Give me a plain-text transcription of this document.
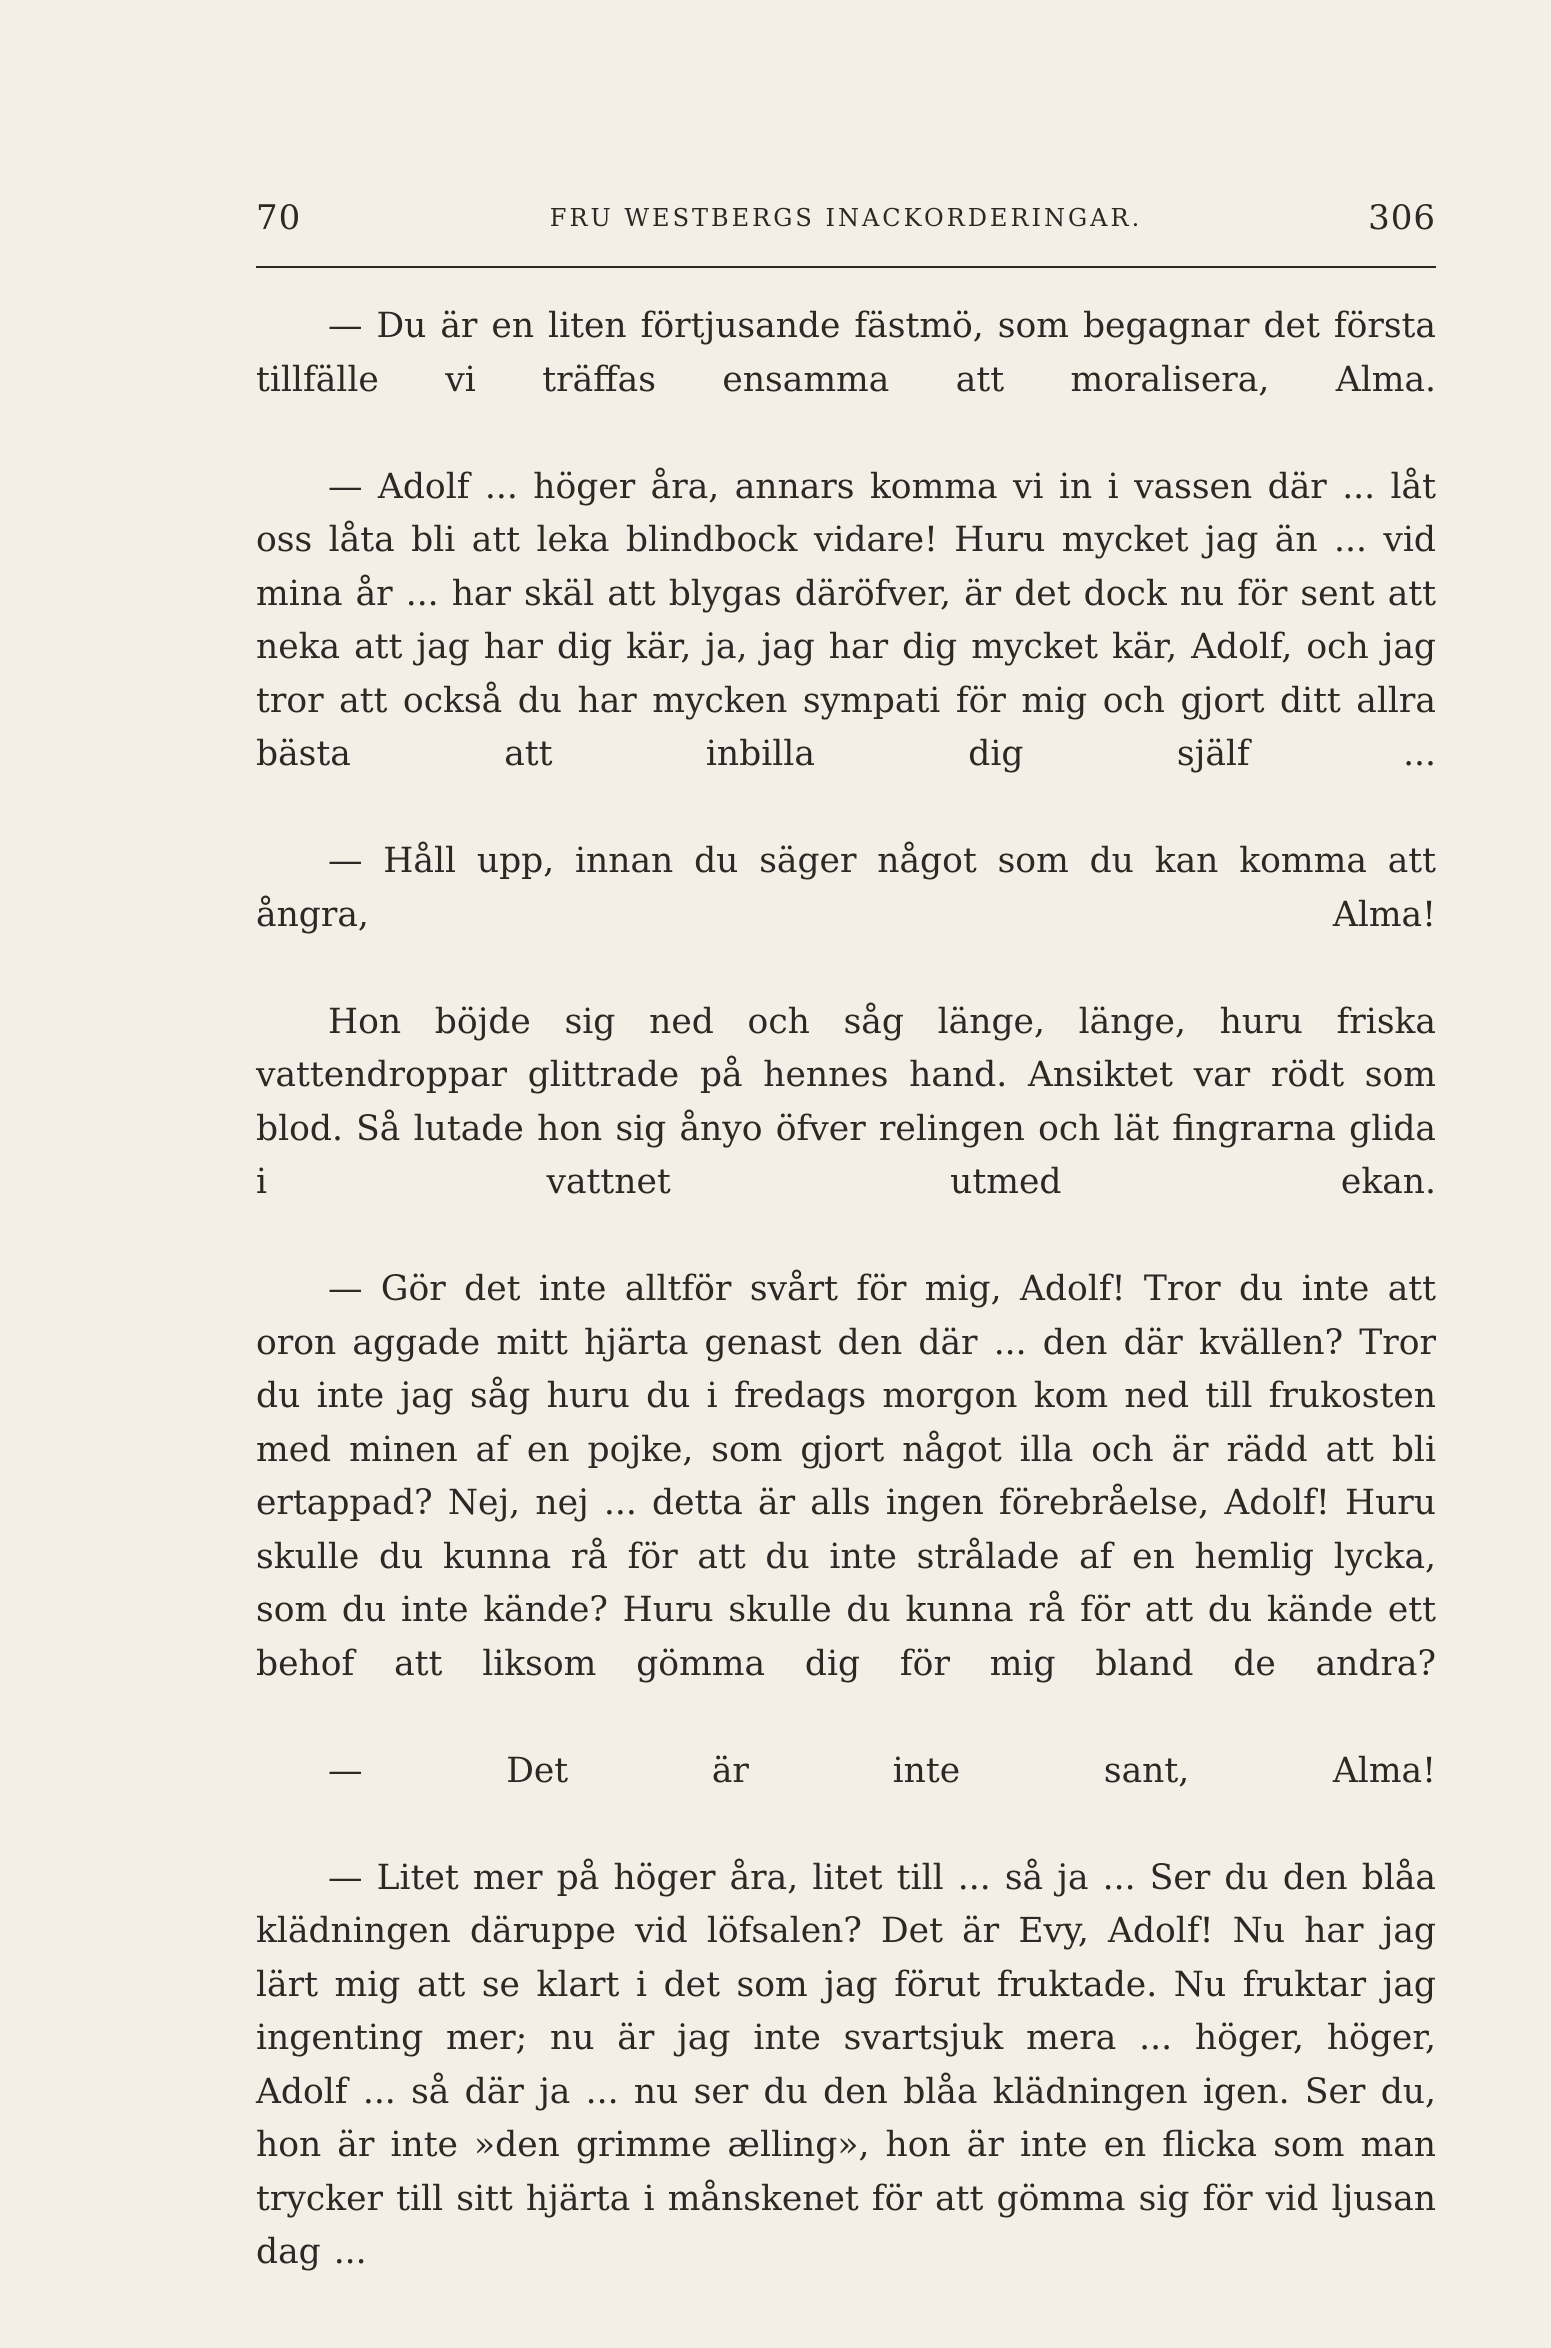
70	FRU WESTBERGS INACKORDERINGAR.	306

— Du är en liten förtjusande fästmö, som begagnar det första tillfälle vi träffas ensamma att moralisera, Alma.

— Adolf ... höger åra, annars komma vi in i vassen där ... låt oss låta bli att leka blindbock vidare! Huru mycket jag än ... vid mina år ... har skäl att blygas däröfver, är det dock nu för sent att neka att jag har dig kär, ja, jag har dig mycket kär, Adolf, och jag tror att också du har mycken sympati för mig och gjort ditt allra bästa att inbilla dig själf ...

— Håll upp, innan du säger något som du kan komma att ångra, Alma!

Hon böjde sig ned och såg länge, länge, huru friska vattendroppar glittrade på hennes hand. Ansiktet var rödt som blod. Så lutade hon sig ånyo öfver relingen och lät fingrarna glida i vattnet utmed ekan.

— Gör det inte alltför svårt för mig, Adolf! Tror du inte att oron aggade mitt hjärta genast den där ... den där kvällen? Tror du inte jag såg huru du i fredags morgon kom ned till frukosten med minen af en pojke, som gjort något illa och är rädd att bli ertappad? Nej, nej ... detta är alls ingen förebråelse, Adolf! Huru skulle du kunna rå för att du inte strålade af en hemlig lycka, som du inte kände? Huru skulle du kunna rå för att du kände ett behof att liksom gömma dig för mig bland de andra?

— Det är inte sant, Alma!

— Litet mer på höger åra, litet till ... så ja ... Ser du den blåa klädningen däruppe vid löfsalen? Det är Evy, Adolf! Nu har jag lärt mig att se klart i det som jag förut fruktade. Nu fruktar jag ingenting mer; nu är jag inte svartsjuk mera ... höger, höger, Adolf ... så där ja ... nu ser du den blåa klädningen igen. Ser du, hon är inte »den grimme ælling», hon är inte en flicka som man trycker till sitt hjärta i månskenet för att gömma sig för vid ljusan dag ...
